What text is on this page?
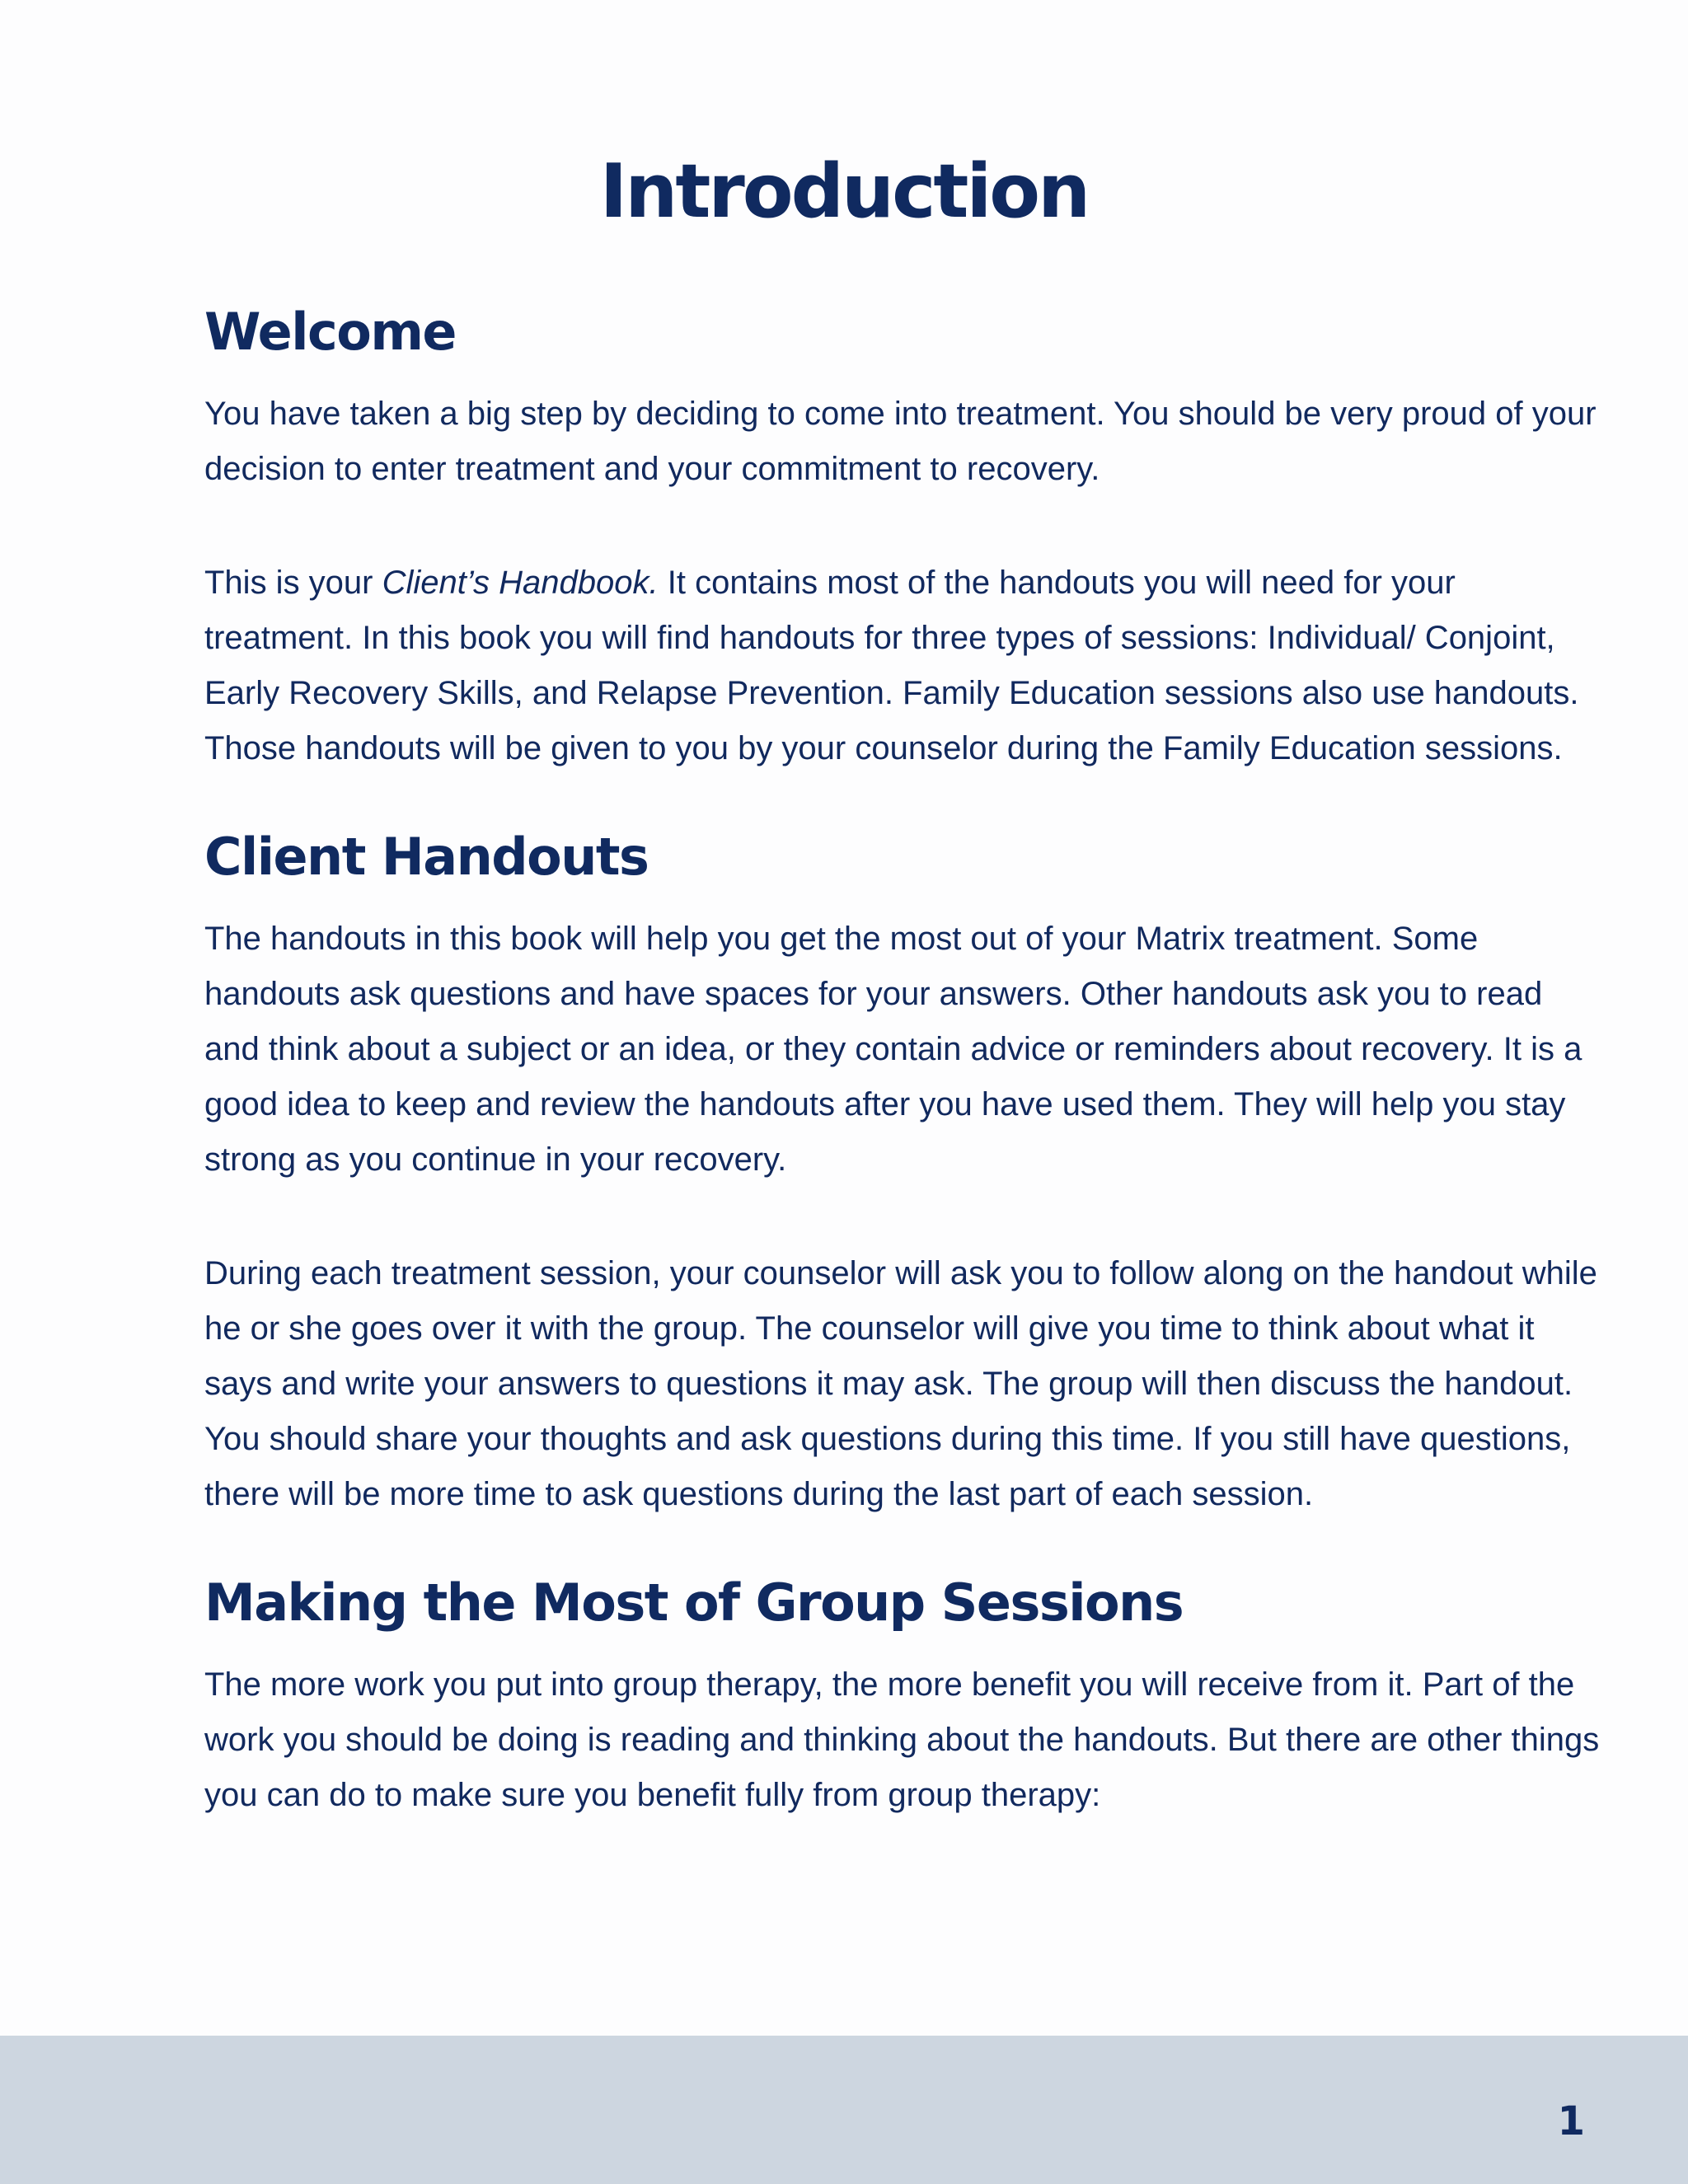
Introduction
Welcome

You have taken a big step by deciding to come into treatment. You should be very proud of your decision to enter treatment and your commitment to recovery.

This is your Client’s Handbook. It contains most of the handouts you will need for your treatment. In this book you will find handouts for three types of sessions: Individual/ Conjoint, Early Recovery Skills, and Relapse Prevention. Family Education sessions also use handouts. Those handouts will be given to you by your counselor during the Family Education sessions.

Client Handouts

The handouts in this book will help you get the most out of your Matrix treatment. Some handouts ask questions and have spaces for your answers. Other handouts ask you to read and think about a subject or an idea, or they contain advice or reminders about recovery. It is a good idea to keep and review the handouts after you have used them. They will help you stay strong as you continue in your recovery.

During each treatment session, your counselor will ask you to follow along on the handout while he or she goes over it with the group. The counselor will give you time to think about what it says and write your answers to questions it may ask. The group will then discuss the handout. You should share your thoughts and ask questions during this time. If you still have questions, there will be more time to ask questions during the last part of each session.

Making the Most of Group Sessions

The more work you put into group therapy, the more benefit you will receive from it. Part of the work you should be doing is reading and thinking about the handouts. But there are other things you can do to make sure you benefit fully from group therapy:

1
